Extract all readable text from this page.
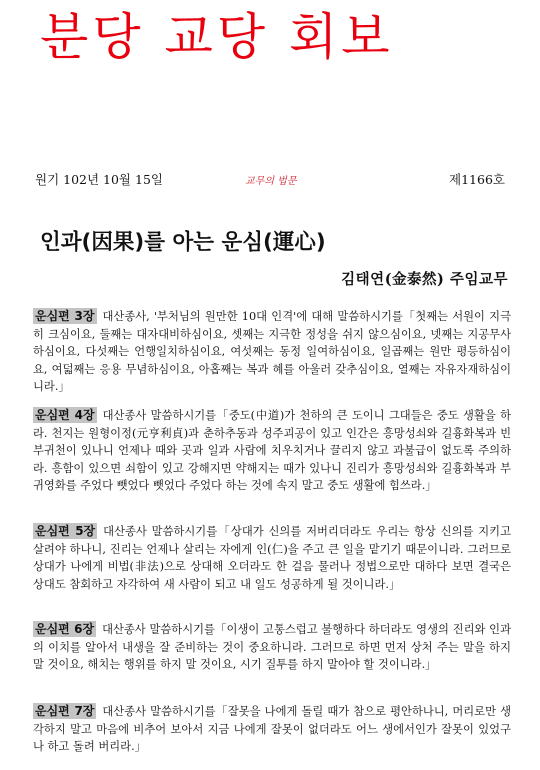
분당 교당 회보
원기 102년 10월 15일	교무의 법문	제1166호
인과(因果)를 아는 운심(運心)
김태연(金泰然) 주임교무

운심편 3장 대산종사, '부처님의 원만한 10대 인격'에 대해 말씀하시기를「첫째는 서원이 지극히 크심이요, 둘째는 대자대비하심이요, 셋째는 지극한 정성을 쉬지 않으심이요, 넷째는 지공무사하심이요, 다섯째는 언행일치하심이요, 여섯째는 동정 일여하심이요, 일곱째는 원만 평등하심이요, 여덟째는 응용 무념하심이요, 아홉째는 복과 혜를 아울러 갖추심이요, 열째는 자유자재하심이니라.」

운심편 4장 대산종사 말씀하시기를「중도(中道)가 천하의 큰 도이니 그대들은 중도 생활을 하라. 천지는 원형이정(元亨利貞)과 춘하추동과 성주괴공이 있고 인간은 흥망성쇠와 길흉화복과 빈부귀천이 있나니 언제나 때와 곳과 일과 사람에 치우치거나 끌리지 않고 과불급이 없도록 주의하라. 흥함이 있으면 쇠함이 있고 강해지면 약해지는 때가 있나니 진리가 흥망성쇠와 길흉화복과 부귀영화를 주었다 뺏었다 뺏었다 주었다 하는 것에 속지 말고 중도 생활에 힘쓰라.」

운심편 5장 대산종사 말씀하시기를「상대가 신의를 저버리더라도 우리는 항상 신의를 지키고 살려야 하나니, 진리는 언제나 살리는 자에게 인(仁)을 주고 큰 일을 맡기기 때문이니라. 그러므로 상대가 나에게 비법(非法)으로 상대해 오더라도 한 걸음 물러나 정법으로만 대하다 보면 결국은 상대도 참회하고 자각하여 새 사람이 되고 내 일도 성공하게 될 것이니라.」

운심편 6장 대산종사 말씀하시기를「이생이 고통스럽고 불행하다 하더라도 영생의 진리와 인과의 이치를 알아서 내생을 잘 준비하는 것이 중요하니라. 그러므로 하면 먼저 상처 주는 말을 하지 말 것이요, 해치는 행위를 하지 말 것이요, 시기 질투를 하지 말아야 할 것이니라.」

운심편 7장 대산종사 말씀하시기를「잘못을 나에게 돌릴 때가 참으로 평안하나니, 머리로만 생각하지 말고 마음에 비추어 보아서 지금 나에게 잘못이 없더라도 어느 생에서인가 잘못이 있었구나 하고 돌려 버리라.」
